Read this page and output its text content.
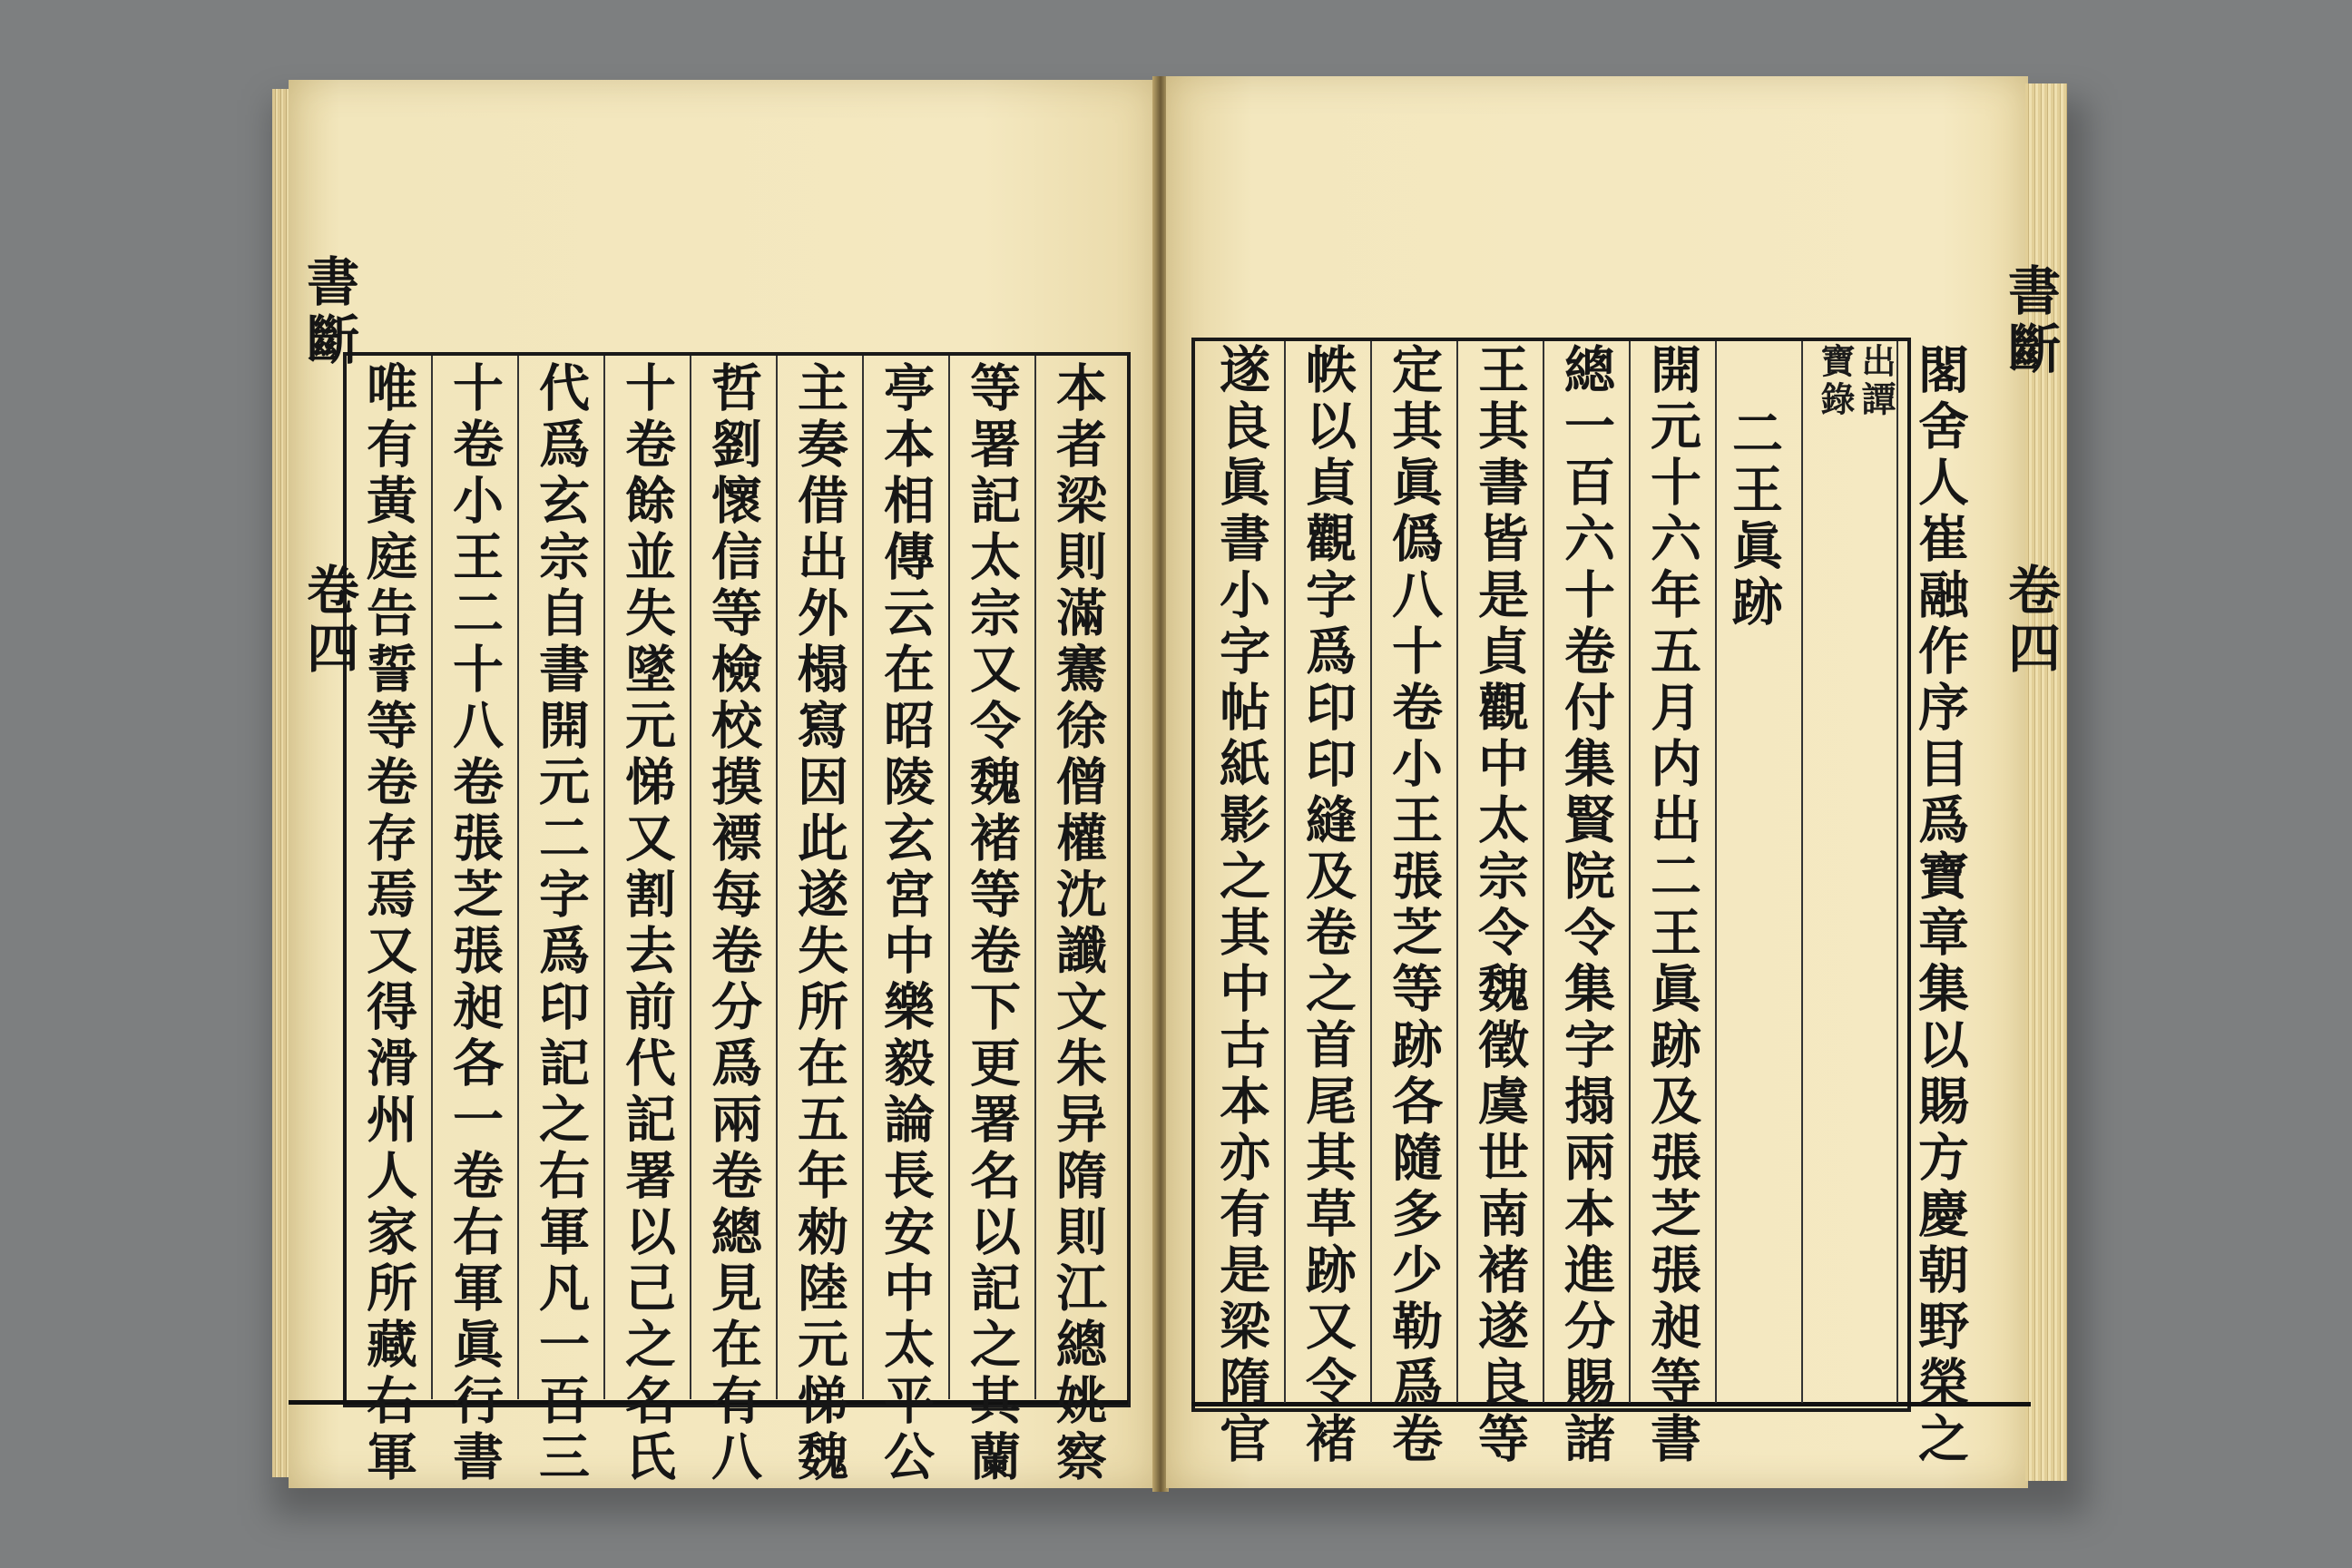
書斷
卷四	本者梁則滿騫徐僧權沈讖文朱异隋則江總姚察
等署記太宗又令魏褚等卷下更署名以記之其蘭
亭本相傳云在昭陵玄宮中樂毅論長安中太平公
主奏借出外榻寫因此遂失所在五年勑陸元悌魏
哲劉懷信等檢校摸褾每卷分爲兩卷總見在有八
十卷餘並失墜元悌又割去前代記署以己之名氏
代爲玄宗自書開元二字爲印記之右軍凡一百三
十卷小王二十八卷張芝張昶各一卷右軍眞行書
唯有黃庭告誓等卷存焉又得滑州人家所藏右軍
書斷
卷四
閣舍人崔融作序目爲寶章集以賜方慶朝野榮之
出譚
寶錄
二王眞跡
開元十六年五月内出二王眞跡及張芝張昶等書
總一百六十卷付集賢院令集字搨兩本進分賜諸
王其書皆是貞觀中太宗令魏徵虞世南褚遂良等
定其眞僞八十卷小王張芝等跡各隨多少勒爲卷
帙以貞觀字爲印印縫及卷之首尾其草跡又令褚
遂良眞書小字帖紙影之其中古本亦有是梁隋官
